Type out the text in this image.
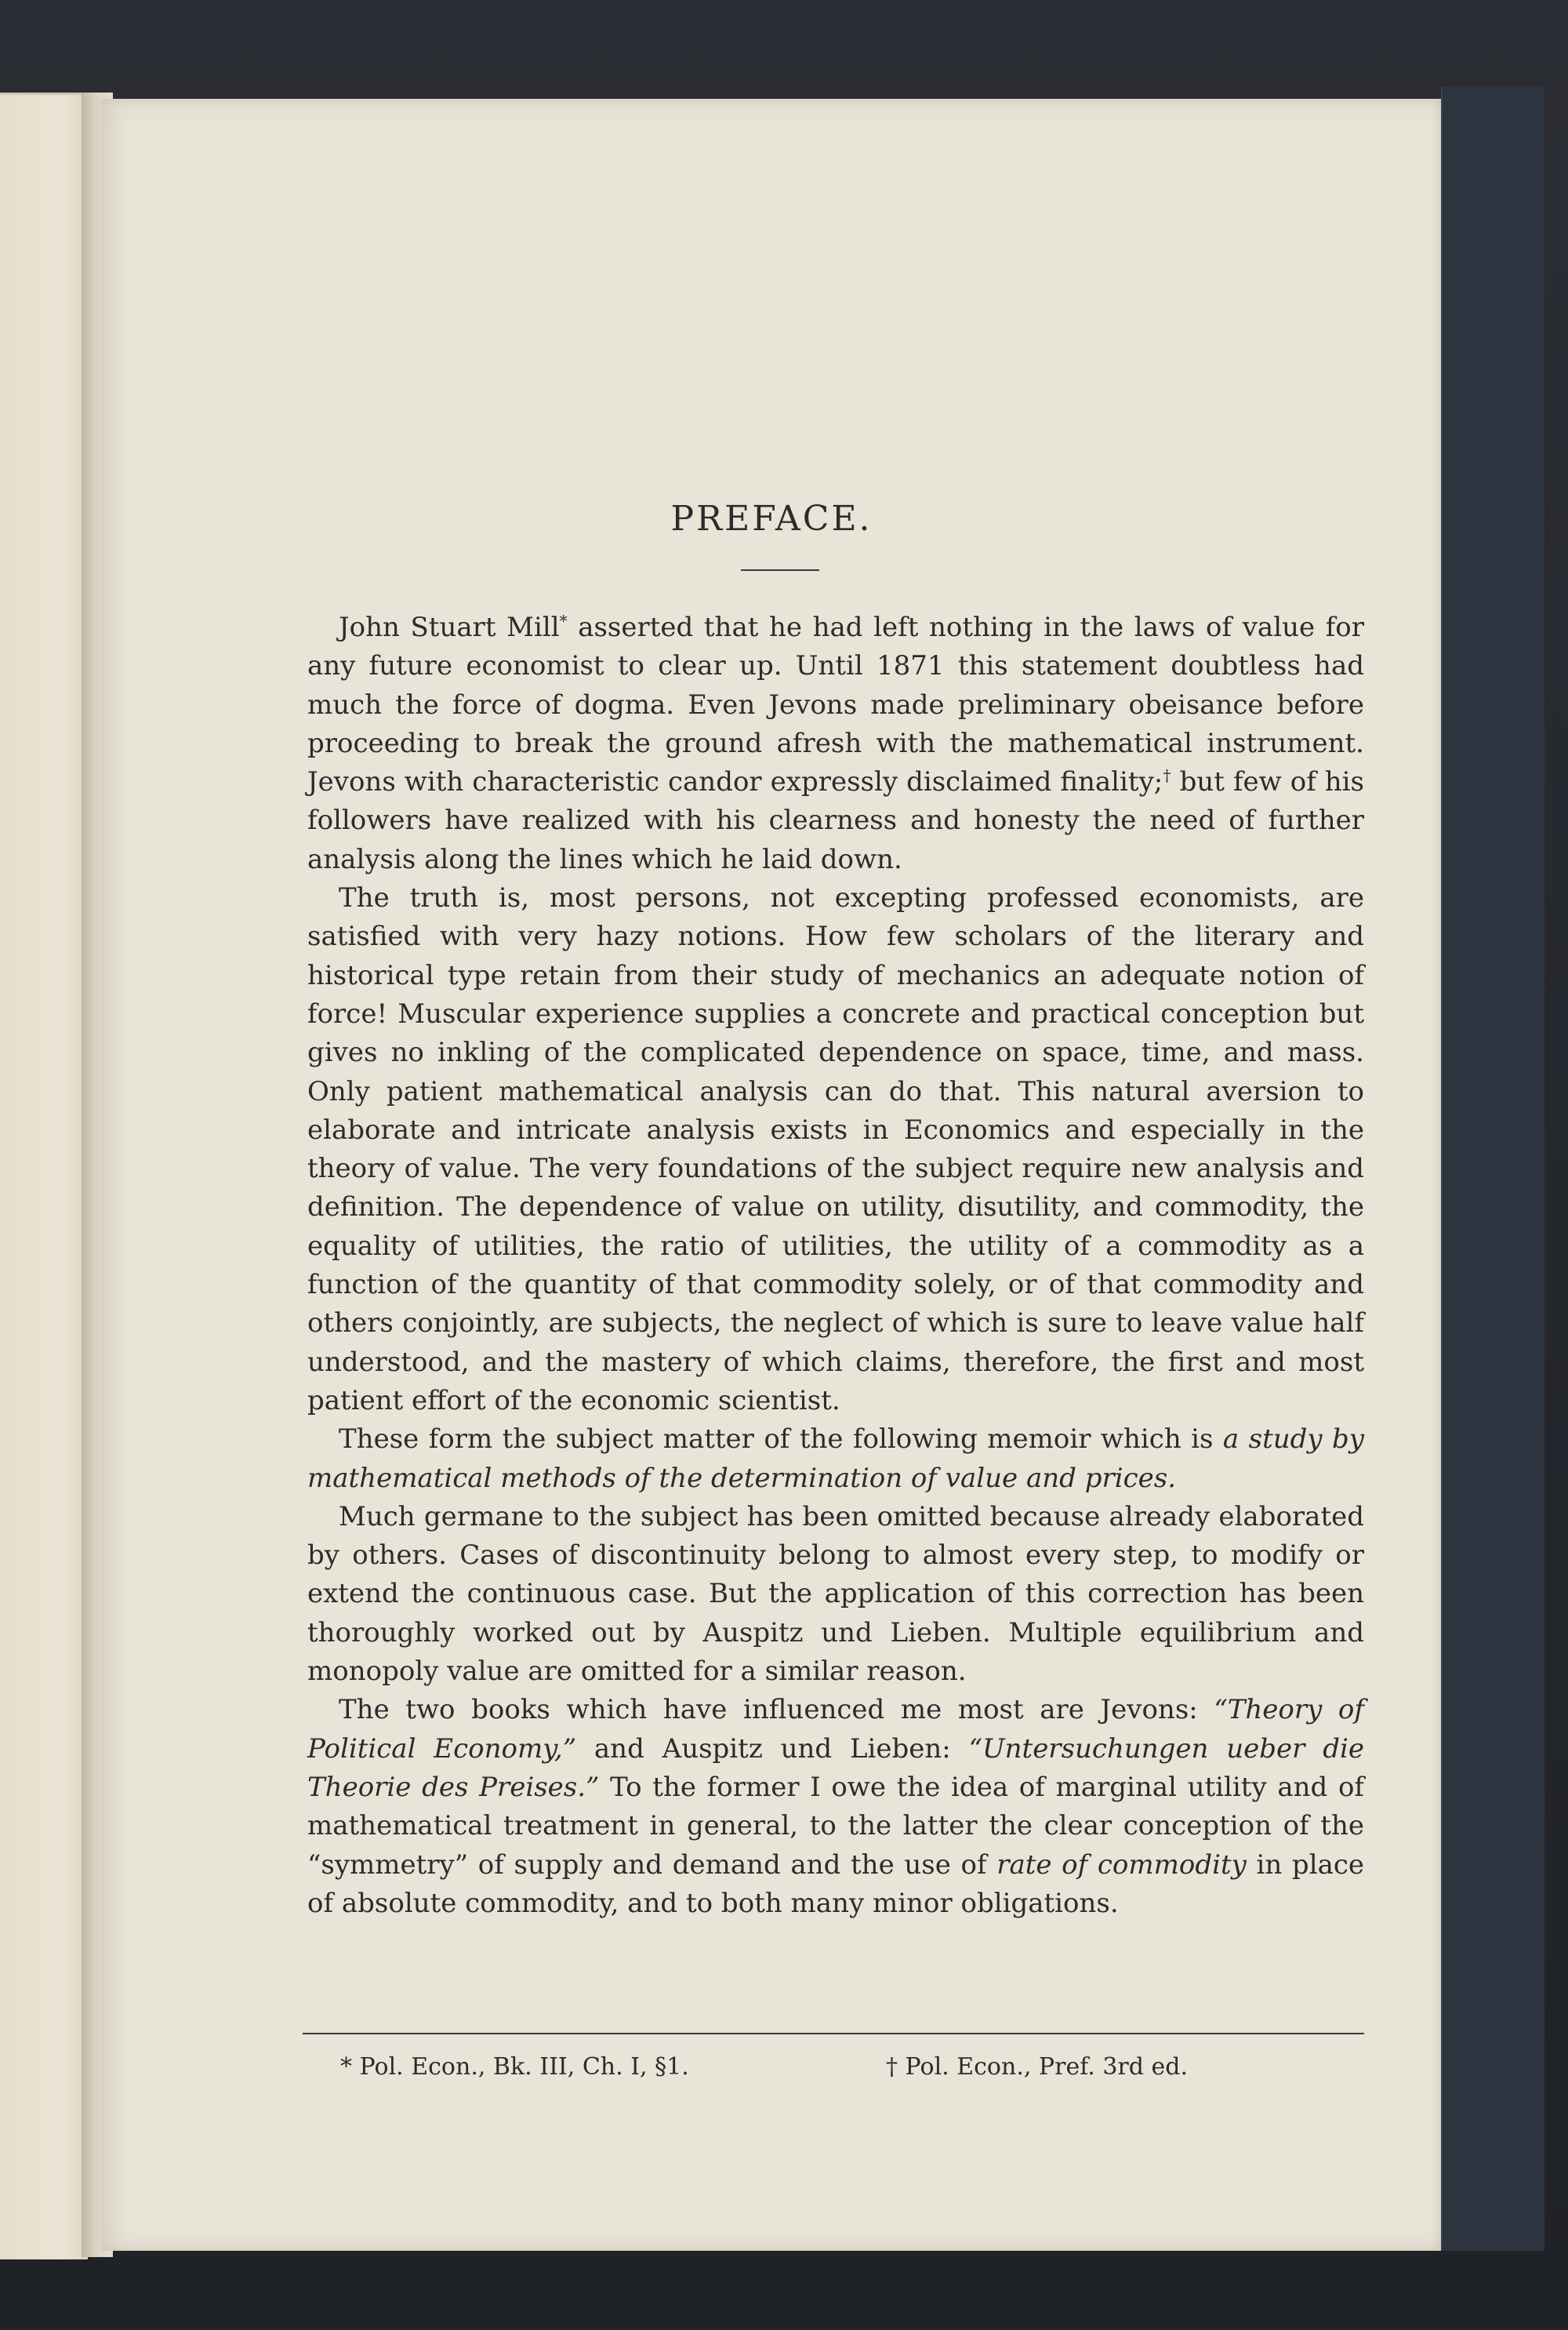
PREFACE.

John Stuart Mill* asserted that he had left nothing in the laws of value for any future economist to clear up. Until 1871 this statement doubtless had much the force of dogma. Even Jevons made preliminary obeisance before proceeding to break the ground afresh with the mathematical instrument. Jevons with characteristic candor expressly disclaimed finality;† but few of his followers have realized with his clearness and honesty the need of further analysis along the lines which he laid down.

The truth is, most persons, not excepting professed economists, are satisfied with very hazy notions. How few scholars of the literary and historical type retain from their study of mechanics an adequate notion of force! Muscular experience supplies a concrete and practical conception but gives no inkling of the complicated dependence on space, time, and mass. Only patient mathematical analysis can do that. This natural aversion to elaborate and intricate analysis exists in Economics and especially in the theory of value. The very foundations of the subject require new analysis and definition. The dependence of value on utility, disutility, and commodity, the equality of utilities, the ratio of utilities, the utility of a commodity as a function of the quantity of that commodity solely, or of that commodity and others conjointly, are subjects, the neglect of which is sure to leave value half understood, and the mastery of which claims, therefore, the first and most patient effort of the economic scientist.

These form the subject matter of the following memoir which is a study by mathematical methods of the determination of value and prices.

Much germane to the subject has been omitted because already elaborated by others. Cases of discontinuity belong to almost every step, to modify or extend the continuous case. But the application of this correction has been thoroughly worked out by Auspitz und Lieben. Multiple equilibrium and monopoly value are omitted for a similar reason.

The two books which have influenced me most are Jevons: “Theory of Political Economy,” and Auspitz und Lieben: “Untersuchungen ueber die Theorie des Preises.” To the former I owe the idea of marginal utility and of mathematical treatment in general, to the latter the clear conception of the “symmetry” of supply and demand and the use of rate of commodity in place of absolute commodity, and to both many minor obligations.

* Pol. Econ., Bk. III, Ch. I, §1.	† Pol. Econ., Pref. 3rd ed.
